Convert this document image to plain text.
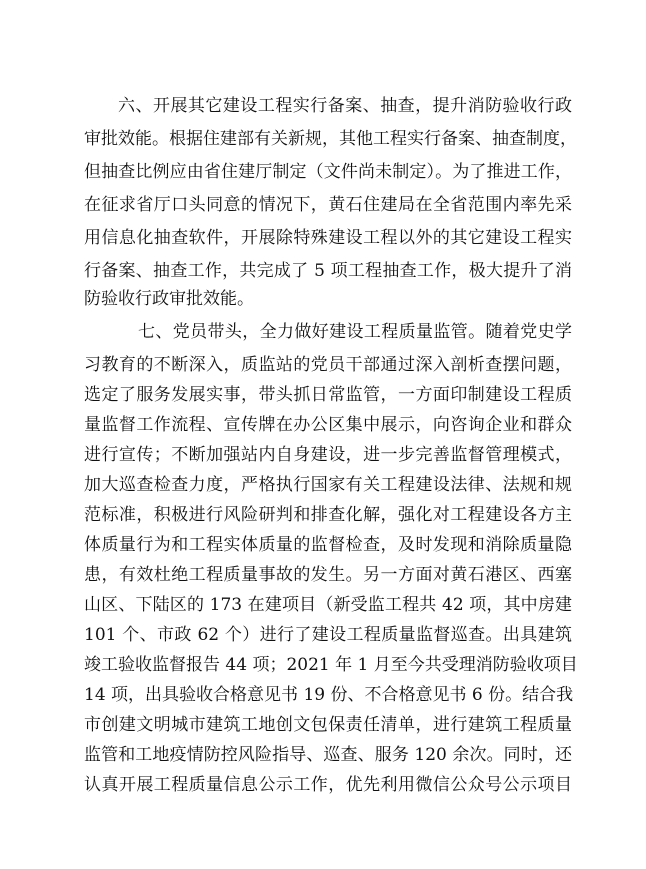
六、开展其它建设工程实行备案、抽查，提升消防验收行政
审批效能。根据住建部有关新规，其他工程实行备案、抽查制度，
但抽查比例应由省住建厅制定（文件尚未制定）。为了推进工作，
在征求省厅口头同意的情况下，黄石住建局在全省范围内率先采
用信息化抽查软件，开展除特殊建设工程以外的其它建设工程实
行备案、抽查工作，共完成了 5 项工程抽查工作，极大提升了消
防验收行政审批效能。
七、党员带头，全力做好建设工程质量监管。随着党史学
习教育的不断深入，质监站的党员干部通过深入剖析查摆问题，
选定了服务发展实事，带头抓日常监管，一方面印制建设工程质
量监督工作流程、宣传牌在办公区集中展示，向咨询企业和群众
进行宣传；不断加强站内自身建设，进一步完善监督管理模式，
加大巡查检查力度，严格执行国家有关工程建设法律、法规和规
范标准，积极进行风险研判和排查化解，强化对工程建设各方主
体质量行为和工程实体质量的监督检查，及时发现和消除质量隐
患，有效杜绝工程质量事故的发生。另一方面对黄石港区、西塞
山区、下陆区的 173 在建项目（新受监工程共 42 项，其中房建
101 个、市政 62 个）进行了建设工程质量监督巡查。出具建筑
竣工验收监督报告 44 项；2021 年 1 月至今共受理消防验收项目
14 项，出具验收合格意见书 19 份、不合格意见书 6 份。结合我
市创建文明城市建筑工地创文包保责任清单，进行建筑工程质量
监管和工地疫情防控风险指导、巡查、服务 120 余次。同时，还
认真开展工程质量信息公示工作，优先利用微信公众号公示项目
